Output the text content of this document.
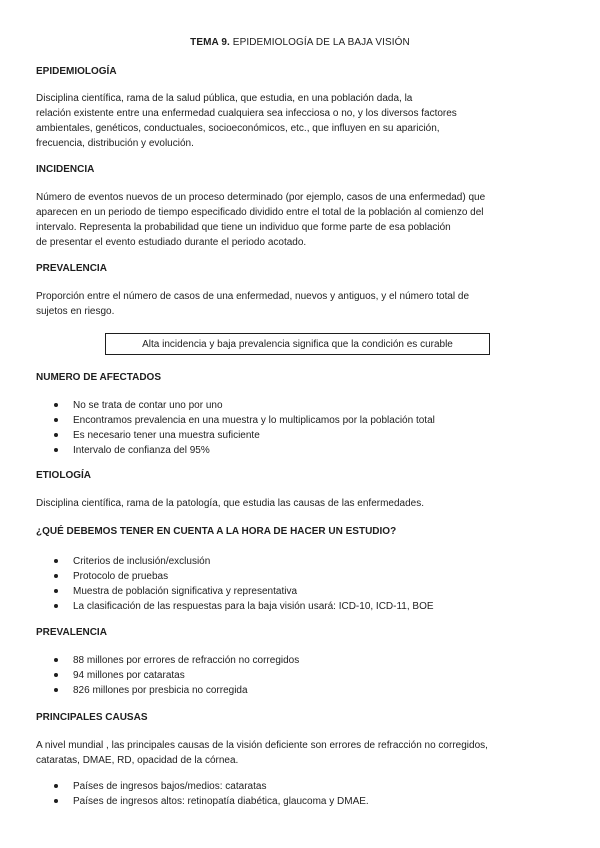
TEMA 9. EPIDEMIOLOGÍA DE LA BAJA VISIÓN
EPIDEMIOLOGÍA
Disciplina científica, rama de la salud pública, que estudia, en una población dada, la
relación existente entre una enfermedad cualquiera sea infecciosa o no, y los diversos factores
ambientales, genéticos, conductuales, socioeconómicos, etc., que influyen en su aparición,
frecuencia, distribución y evolución.
INCIDENCIA
Número de eventos nuevos de un proceso determinado (por ejemplo, casos de una enfermedad) que
aparecen en un periodo de tiempo especificado dividido entre el total de la población al comienzo del
intervalo. Representa la probabilidad que tiene un individuo que forme parte de esa población
de presentar el evento estudiado durante el periodo acotado.
PREVALENCIA
Proporción entre el número de casos de una enfermedad, nuevos y antiguos, y el número total de
sujetos en riesgo.
Alta incidencia y baja prevalencia significa que la condición es curable
NUMERO DE AFECTADOS
No se trata de contar uno por uno
Encontramos prevalencia en una muestra y lo multiplicamos por la población total
Es necesario tener una muestra suficiente
Intervalo de confianza del 95%
ETIOLOGÍA
Disciplina científica, rama de la patología, que estudia las causas de las enfermedades.
¿QUÉ DEBEMOS TENER EN CUENTA A LA HORA DE HACER UN ESTUDIO?
Criterios de inclusión/exclusión
Protocolo de pruebas
Muestra de población significativa y representativa
La clasificación de las respuestas para la baja visión usará: ICD-10, ICD-11, BOE
PREVALENCIA
88 millones por errores de refracción no corregidos
94 millones por cataratas
826 millones por presbicia no corregida
PRINCIPALES CAUSAS
A nivel mundial , las principales causas de la visión deficiente son errores de refracción no corregidos,
cataratas, DMAE, RD, opacidad de la córnea.
Países de ingresos bajos/medios: cataratas
Países de ingresos altos: retinopatía diabética, glaucoma y DMAE.
